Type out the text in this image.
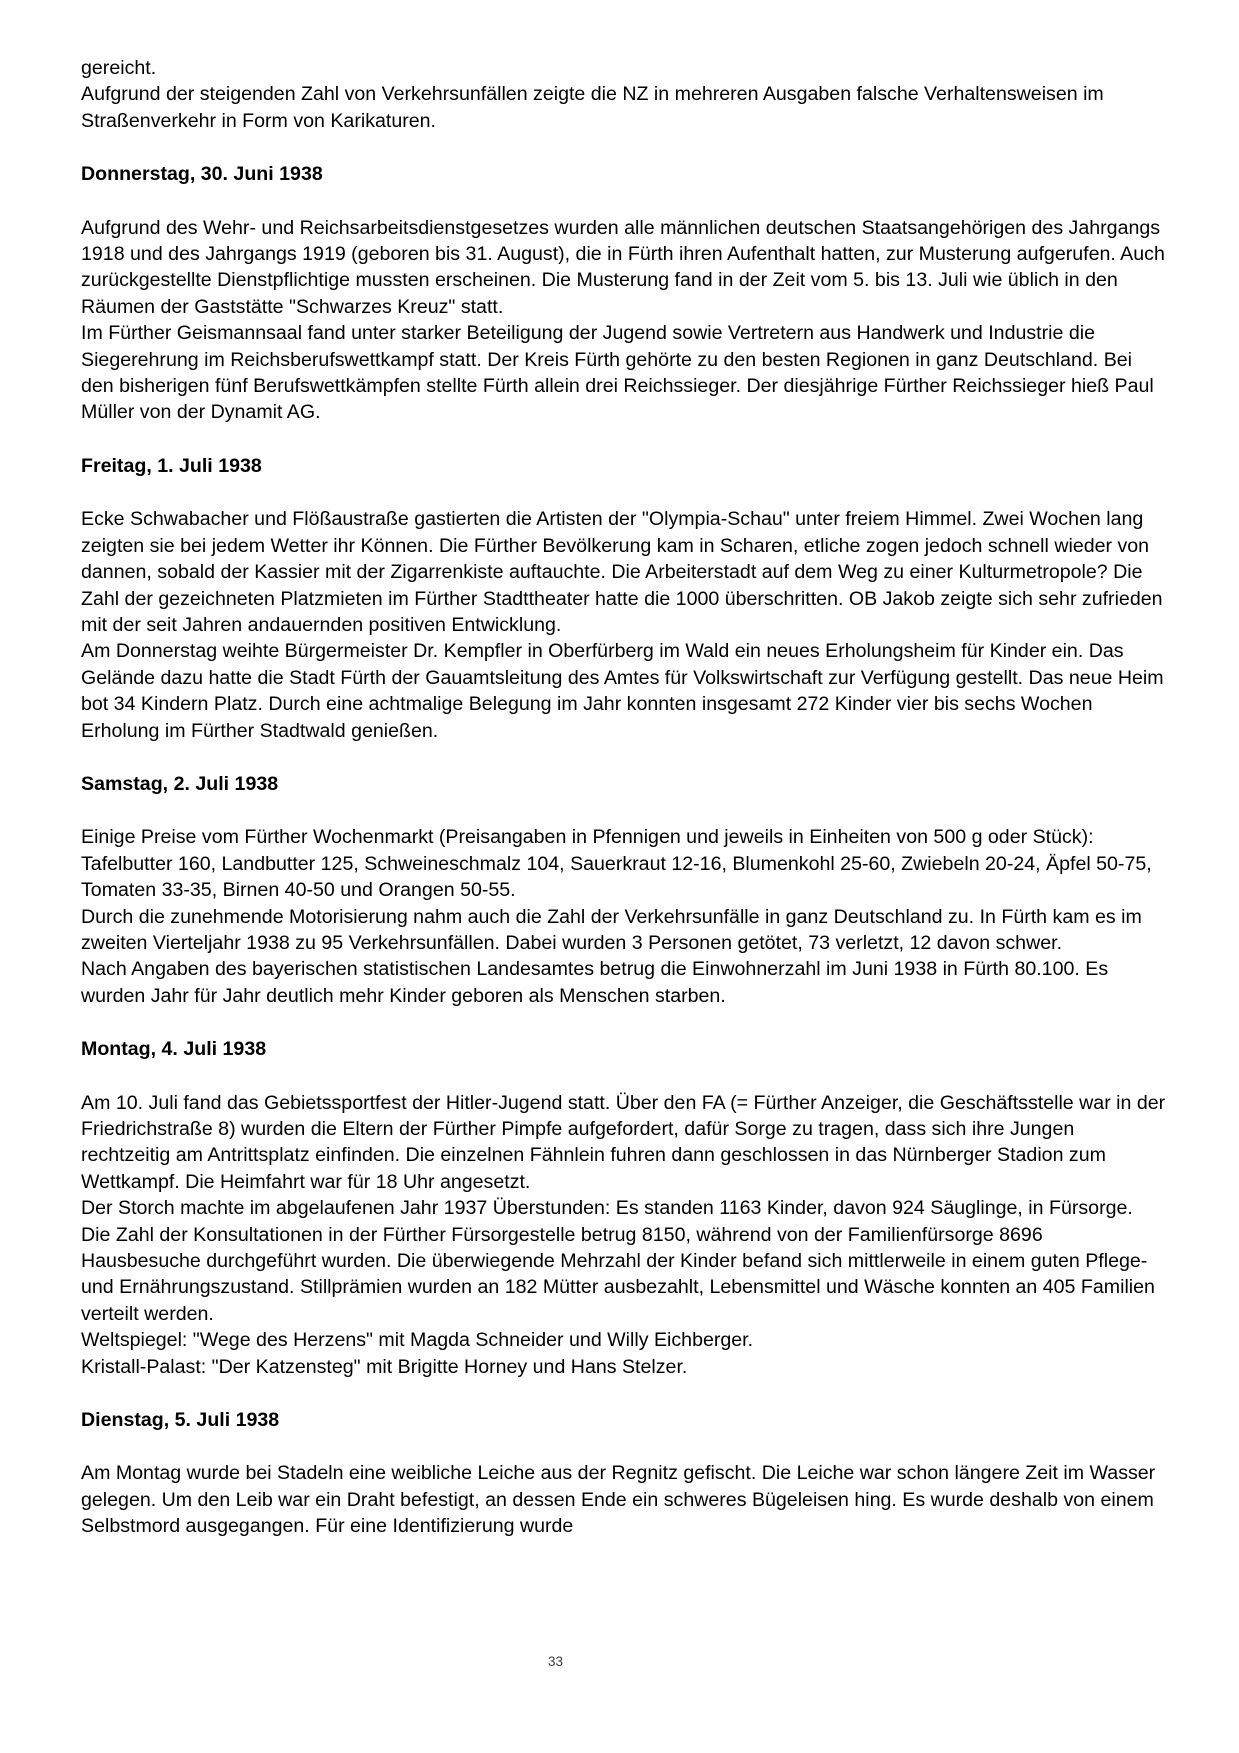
gereicht.

Aufgrund der steigenden Zahl von Verkehrsunfällen zeigte die NZ in mehreren Ausgaben falsche Verhaltensweisen im Straßenverkehr in Form von Karikaturen.

Donnerstag, 30. Juni 1938

Aufgrund des Wehr- und Reichsarbeitsdienstgesetzes wurden alle männlichen deutschen Staatsangehörigen des Jahrgangs 1918 und des Jahrgangs 1919 (geboren bis 31. August), die in Fürth ihren Aufenthalt hatten, zur Musterung aufgerufen. Auch zurückgestellte Dienstpflichtige mussten erscheinen. Die Musterung fand in der Zeit vom 5. bis 13. Juli wie üblich in den Räumen der Gaststätte "Schwarzes Kreuz" statt.

Im Fürther Geismannsaal fand unter starker Beteiligung der Jugend sowie Vertretern aus Handwerk und Industrie die Siegerehrung im Reichsberufswettkampf statt. Der Kreis Fürth gehörte zu den besten Regionen in ganz Deutschland. Bei den bisherigen fünf Berufswettkämpfen stellte Fürth allein drei Reichssieger. Der diesjährige Fürther Reichssieger hieß Paul Müller von der Dynamit AG.

Freitag, 1. Juli 1938

Ecke Schwabacher und Flößaustraße gastierten die Artisten der "Olympia-Schau" unter freiem Himmel. Zwei Wochen lang zeigten sie bei jedem Wetter ihr Können. Die Fürther Bevölkerung kam in Scharen, etliche zogen jedoch schnell wieder von dannen, sobald der Kassier mit der Zigarrenkiste auftauchte. Die Arbeiterstadt auf dem Weg zu einer Kulturmetropole? Die Zahl der gezeichneten Platzmieten im Fürther Stadttheater hatte die 1000 überschritten. OB Jakob zeigte sich sehr zufrieden mit der seit Jahren andauernden positiven Entwicklung.

Am Donnerstag weihte Bürgermeister Dr. Kempfler in Oberfürberg im Wald ein neues Erholungsheim für Kinder ein. Das Gelände dazu hatte die Stadt Fürth der Gauamtsleitung des Amtes für Volkswirtschaft zur Verfügung gestellt. Das neue Heim bot 34 Kindern Platz. Durch eine achtmalige Belegung im Jahr konnten insgesamt 272 Kinder vier bis sechs Wochen Erholung im Fürther Stadtwald genießen.

Samstag, 2. Juli 1938

Einige Preise vom Fürther Wochenmarkt (Preisangaben in Pfennigen und jeweils in Einheiten von 500 g oder Stück): Tafelbutter 160, Landbutter 125, Schweineschmalz 104, Sauerkraut 12-16, Blumenkohl 25-60, Zwiebeln 20-24, Äpfel 50-75, Tomaten 33-35, Birnen 40-50 und Orangen 50-55.

Durch die zunehmende Motorisierung nahm auch die Zahl der Verkehrsunfälle in ganz Deutschland zu. In Fürth kam es im zweiten Vierteljahr 1938 zu 95 Verkehrsunfällen. Dabei wurden 3 Personen getötet, 73 verletzt, 12 davon schwer.

Nach Angaben des bayerischen statistischen Landesamtes betrug die Einwohnerzahl im Juni 1938 in Fürth 80.100. Es wurden Jahr für Jahr deutlich mehr Kinder geboren als Menschen starben.

Montag, 4. Juli 1938

Am 10. Juli fand das Gebietssportfest der Hitler-Jugend statt. Über den FA (= Fürther Anzeiger, die Geschäftsstelle war in der Friedrichstraße 8) wurden die Eltern der Fürther Pimpfe aufgefordert, dafür Sorge zu tragen, dass sich ihre Jungen rechtzeitig am Antrittsplatz einfinden. Die einzelnen Fähnlein fuhren dann geschlossen in das Nürnberger Stadion zum Wettkampf. Die Heimfahrt war für 18 Uhr angesetzt.

Der Storch machte im abgelaufenen Jahr 1937 Überstunden: Es standen 1163 Kinder, davon 924 Säuglinge, in Fürsorge. Die Zahl der Konsultationen in der Fürther Fürsorgestelle betrug 8150, während von der Familienfürsorge 8696 Hausbesuche durchgeführt wurden. Die überwiegende Mehrzahl der Kinder befand sich mittlerweile in einem guten Pflege- und Ernährungszustand. Stillprämien wurden an 182 Mütter ausbezahlt, Lebensmittel und Wäsche konnten an 405 Familien verteilt werden.

Weltspiegel: "Wege des Herzens" mit Magda Schneider und Willy Eichberger.

Kristall-Palast: "Der Katzensteg" mit Brigitte Horney und Hans Stelzer.

Dienstag, 5. Juli 1938

Am Montag wurde bei Stadeln eine weibliche Leiche aus der Regnitz gefischt. Die Leiche war schon längere Zeit im Wasser gelegen. Um den Leib war ein Draht befestigt, an dessen Ende ein schweres Bügeleisen hing. Es wurde deshalb von einem Selbstmord ausgegangen. Für eine Identifizierung wurde

33
